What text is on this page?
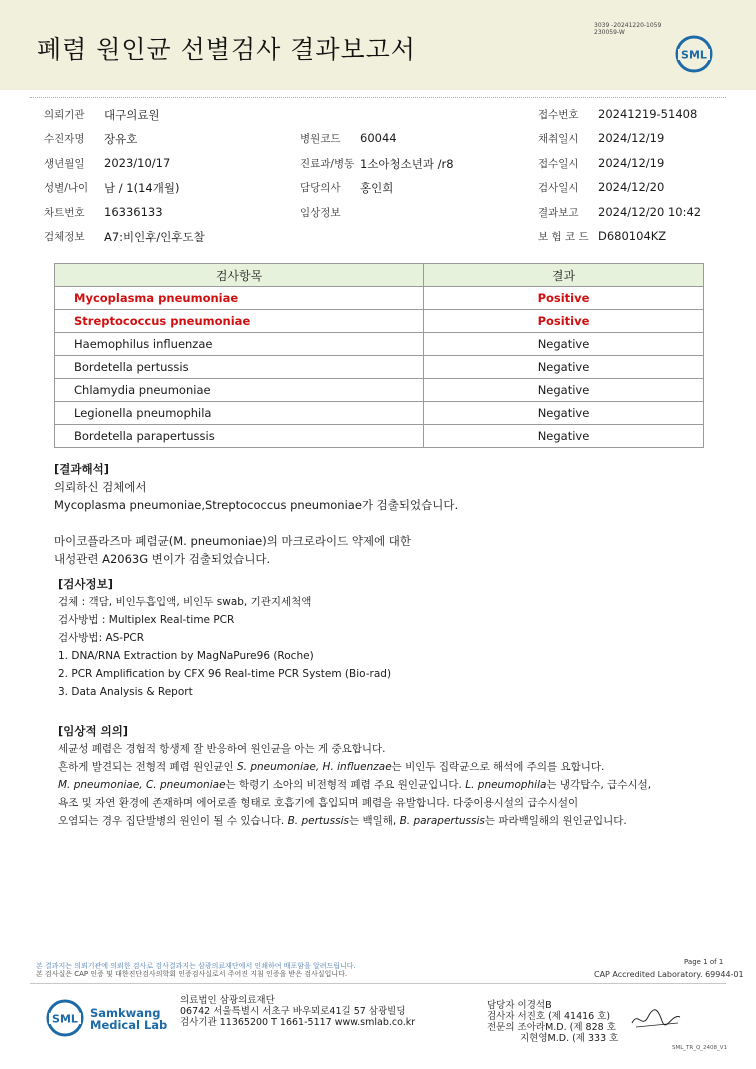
폐렴 원인균 선별검사 결과보고서
3039 -20241220-1059
230059-W
SML
의뢰기관 대구의료원	접수번호 20241219-51408
수진자명 장유호	병원코드 60044	채취일시 2024/12/19
생년월일 2023/10/17	진료과/병동 1소아청소년과 /r8	접수일시 2024/12/19
성별/나이 남 / 1(14개월)	담당의사 홍인희	검사일시 2024/12/20
차트번호 16336133	임상정보	결과보고 2024/12/20 10:42
검체정보 A7:비인후/인후도찰	보 험 코 드 D680104KZ
검사항목	결과
Mycoplasma pneumoniae	Positive
Streptococcus pneumoniae	Positive
Haemophilus influenzae	Negative
Bordetella pertussis	Negative
Chlamydia pneumoniae	Negative
Legionella pneumophila	Negative
Bordetella parapertussis	Negative
[결과해석]
의뢰하신 검체에서
Mycoplasma pneumoniae,Streptococcus pneumoniae가 검출되었습니다.
마이코플라즈마 폐렴균(M. pneumoniae)의 마크로라이드 약제에 대한
내성관련 A2063G 변이가 검출되었습니다.
[검사정보]
검체 : 객담, 비인두흡입액, 비인두 swab, 기관지세척액
검사방법 : Multiplex Real-time PCR
검사방법: AS-PCR
1. DNA/RNA Extraction by MagNaPure96 (Roche)
2. PCR Amplification by CFX 96 Real-time PCR System (Bio-rad)
3. Data Analysis & Report
[임상적 의의]
세균성 폐렴은 경험적 항생제 잘 반응하여 원인균을 아는 게 중요합니다.
흔하게 발견되는 전형적 폐렴 원인균인 S. pneumoniae, H. influenzae는 비인두 집락균으로 해석에 주의를 요합니다.
M. pneumoniae, C. pneumoniae는 학령기 소아의 비전형적 폐렴 주요 원인균입니다. L. pneumophila는 냉각탑수, 급수시설,
욕조 및 자연 환경에 존재하며 에어로졸 형태로 호흡기에 흡입되며 폐렴을 유발합니다. 다중이용시설의 급수시설이
오염되는 경우 집단발병의 원인이 될 수 있습니다. B. pertussis는 백일해, B. parapertussis는 파라백일해의 원인균입니다.
본 결과지는 의뢰기관에 의뢰한 검사로 검사결과지는 삼광의료재단에서 인쇄하여 배포함을 알려드립니다.
본 검사실은 CAP 인증 및 대한진단검사의학회 인증검사실로서 주어진 지침 인증을 받은 검사실입니다.
Page 1 of 1
CAP Accredited Laboratory. 69944-01
SML Samkwang
Medical Lab
의료법인 삼광의료재단
06742 서울특별시 서초구 바우뫼로41길 57 삼광빌딩
검사기관 11365200 T 1661-5117 www.smlab.co.kr
담당자 이경석B
검사자 서진호 (제 41416 호)
전문의 조아라M.D. (제 828 호
지현영M.D. (제 333 호
SML_TR_Q_2408_V1
